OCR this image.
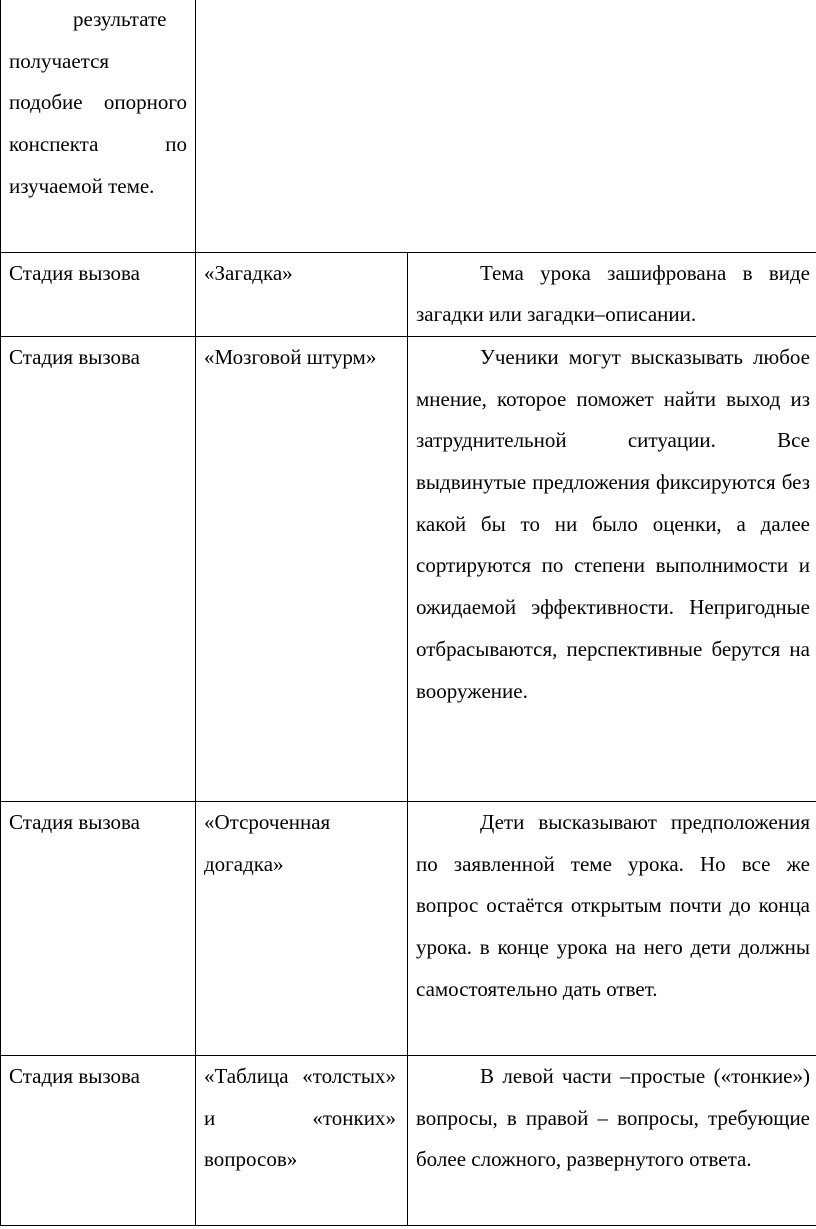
результате получается подобие опорного конспекта по изучаемой теме.		
Стадия вызова	«Загадка»	Тема урока зашифрована в виде загадки или загадки–описании.
Стадия вызова	«Мозговой штурм»	Ученики могут высказывать любое мнение, которое поможет найти выход из затруднительной ситуации. Все выдвинутые предложения фиксируются без какой бы то ни было оценки, а далее сортируются по степени выполнимости и ожидаемой эффективности. Непригодные отбрасываются, перспективные берутся на вооружение.
Стадия вызова	«Отсроченная догадка»	Дети высказывают предположения по заявленной теме урока. Но все же вопрос остаётся открытым почти до конца урока. в конце урока на него дети должны самостоятельно дать ответ.
Стадия вызова	«Таблица «толстых» и «тонких» вопросов»	В левой части –простые («тонкие») вопросы, в правой – вопросы, требующие более сложного, развернутого ответа.
